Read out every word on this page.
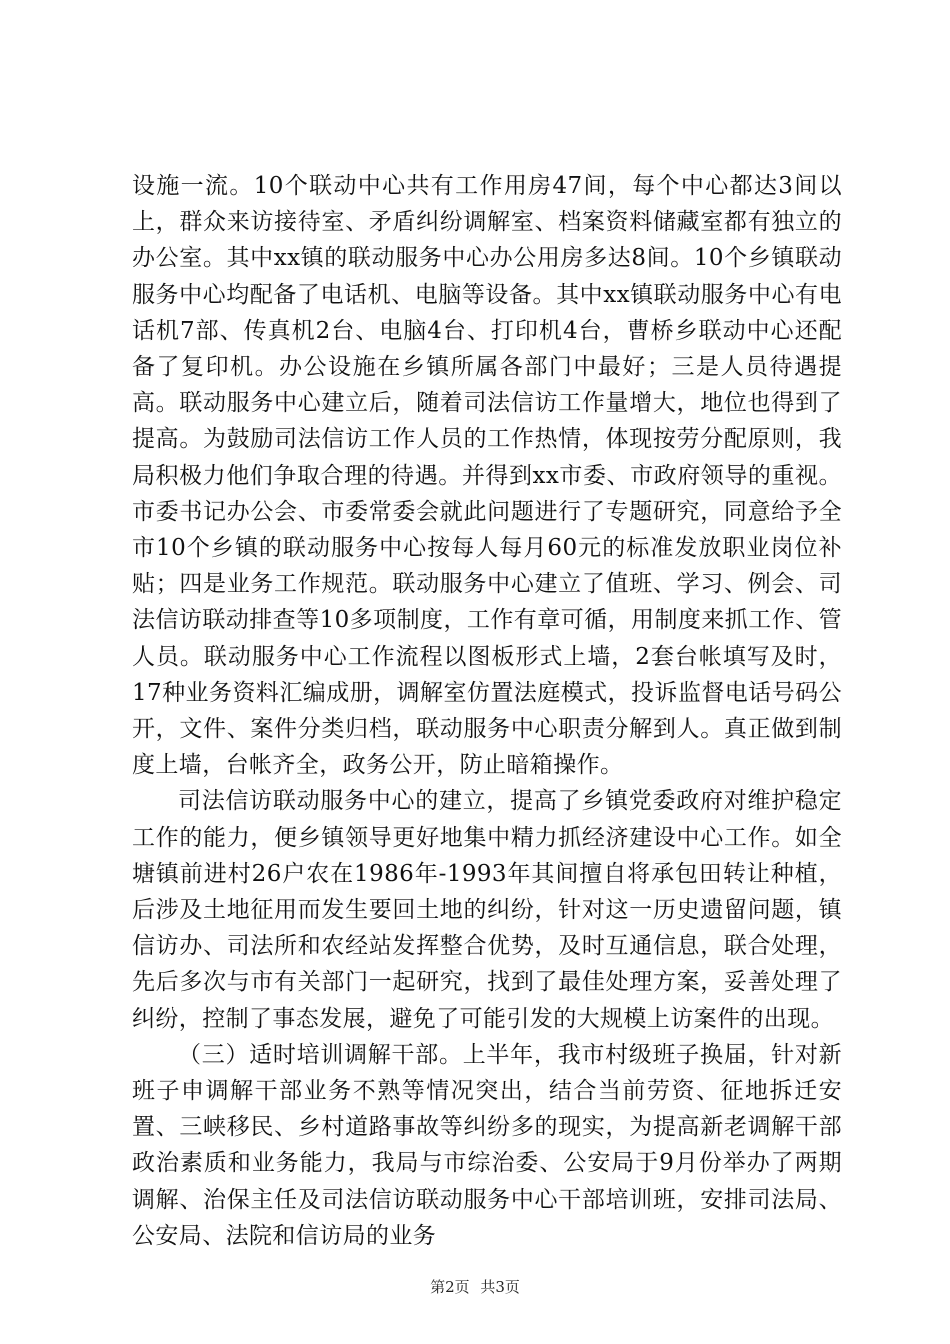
设施一流。10个联动中心共有工作用房47间，每个中心都达3间以上，群众来访接待室、矛盾纠纷调解室、档案资料储藏室都有独立的办公室。其中xx镇的联动服务中心办公用房多达8间。10个乡镇联动服务中心均配备了电话机、电脑等设备。其中xx镇联动服务中心有电话机7部、传真机2台、电脑4台、打印机4台，曹桥乡联动中心还配备了复印机。办公设施在乡镇所属各部门中最好；三是人员待遇提高。联动服务中心建立后，随着司法信访工作量增大，地位也得到了提高。为鼓励司法信访工作人员的工作热情，体现按劳分配原则，我局积极力他们争取合理的待遇。并得到xx市委、市政府领导的重视。市委书记办公会、市委常委会就此问题进行了专题研究，同意给予全市10个乡镇的联动服务中心按每人每月60元的标准发放职业岗位补贴；四是业务工作规范。联动服务中心建立了值班、学习、例会、司法信访联动排查等10多项制度，工作有章可循，用制度来抓工作、管人员。联动服务中心工作流程以图板形式上墙，2套台帐填写及时，17种业务资料汇编成册，调解室仿置法庭模式，投诉监督电话号码公开，文件、案件分类归档，联动服务中心职责分解到人。真正做到制度上墙，台帐齐全，政务公开，防止暗箱操作。

司法信访联动服务中心的建立，提高了乡镇党委政府对维护稳定工作的能力，便乡镇领导更好地集中精力抓经济建设中心工作。如全塘镇前进村26户农在1986年-1993年其间擅自将承包田转让种植，后涉及土地征用而发生要回土地的纠纷，针对这一历史遗留问题，镇信访办、司法所和农经站发挥整合优势，及时互通信息，联合处理，先后多次与市有关部门一起研究，找到了最佳处理方案，妥善处理了纠纷，控制了事态发展，避免了可能引发的大规模上访案件的出现。

（三）适时培训调解干部。上半年，我市村级班子换届，针对新班子申调解干部业务不熟等情况突出，结合当前劳资、征地拆迁安置、三峡移民、乡村道路事故等纠纷多的现实，为提高新老调解干部政治素质和业务能力，我局与市综治委、公安局于9月份举办了两期调解、治保主任及司法信访联动服务中心干部培训班，安排司法局、公安局、法院和信访局的业务

第2页 共3页
